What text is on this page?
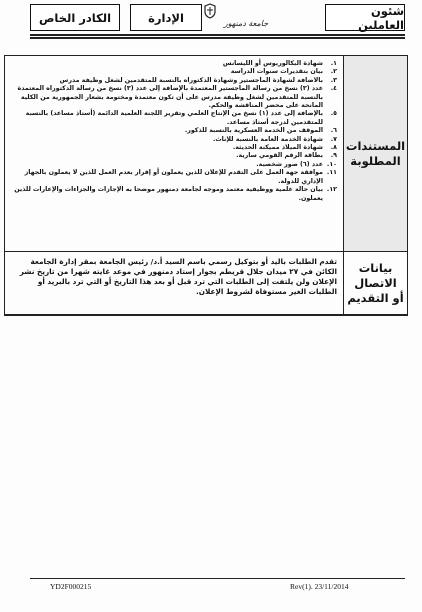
الكادر الخاص	الإدارة	جامعة دمنهور
شئون العاملين
١.
شهادة البكالوريوس أو الليسانس
٢.
بيان بتقديرات سنوات الدراسة
٣.
بالاضافة لشهادة الماجستير وشهادة الدكتوراه بالنسبة للمتقدمين لشغل وظيفة مدرس
٤.
عدد (٣) نسخ من رسالة الماجستير المعتمدة بالإضافة إلى عدد (٣) نسخ من رسالة الدكتوراه المعتمدة بالنسبة للمتقدمين لشغل وظيفة مدرس على أن تكون معتمدة ومختومة بشعار الجمهورية من الكلية المانحة على محضر المناقشة والحكم.
٥.
بالإضافة إلى عدد (١) نسخ من الإنتاج العلمي وتقرير اللجنة العلمية الدائمة (أستاذ مساعد) بالنسبة للمتقدمين لدرجة أستاذ مساعد.
٦.
الموقف من الخدمة العسكرية بالنسبة للذكور.
٧.
شهادة الخدمة العامة بالنسبة للإناث.
٨.
شهادة الميلاد مميكنة الحديثة.
٩.
بطاقة الرقم القومي سارية.
١٠.
عدد (٦) صور شخصية.
١١.
موافقة جهة العمل على التقدم للإعلان للذين يعملون أو إقرار بعدم العمل للذين لا يعملون بالجهاز الإداري للدولة.
١٢.
بيان حالة علمية ووظيفية معتمد وموجه لجامعة دمنهور موضحا به الإجازات والجزاءات والإعارات للذين يعملون.
المستندات المطلوبة
تقدم الطلبات باليد أو بتوكيل رسمي باسم السيد أ.د/ رئيس الجامعة بمقر إدارة الجامعة الكائن في ٢٧ ميدان جلال قريطم بجوار إستاد دمنهور في موعد غايته شهرا من تاريخ نشر الإعلان ولن يلتفت إلى الطلبات التي ترد قبل أو بعد هذا التاريخ أو التي ترد بالبريد أو الطلبات الغير مستوفاة لشروط الإعلان.
بيانات الاتصال أو التقديم
YD2F000215	Rev(1). 23/11/2014
